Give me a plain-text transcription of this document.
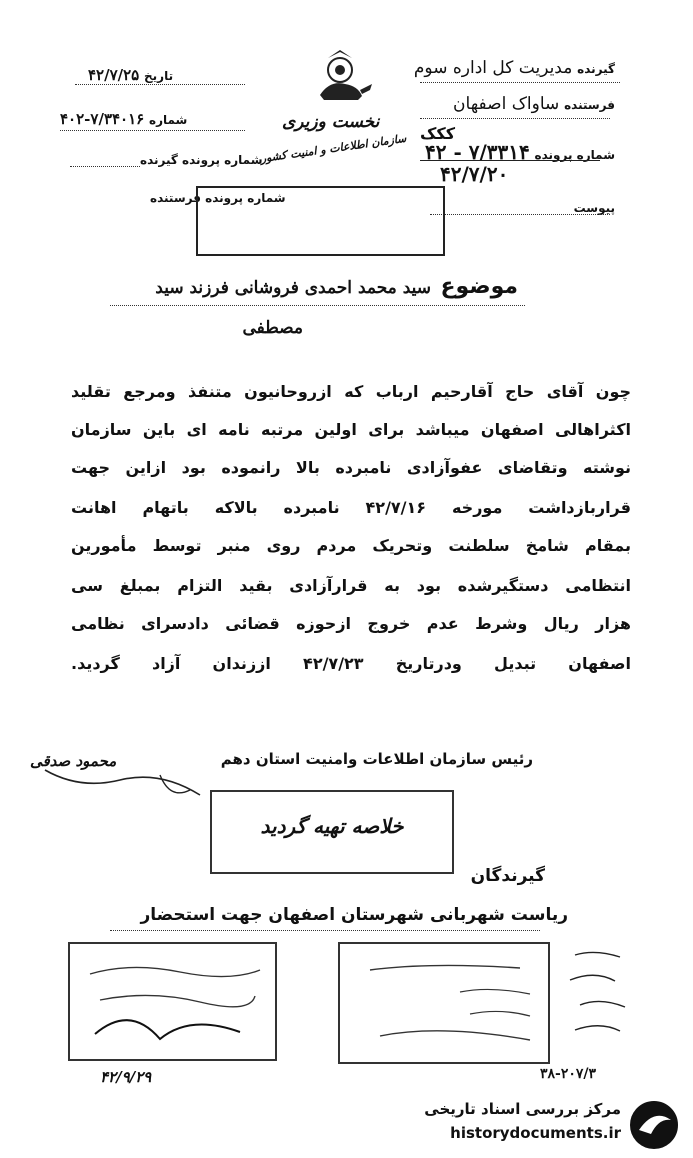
گیرنده مدیریت کل اداره سوم
فرستنده ساواک اصفهان
ککک
شماره پرونده ۷/۳۳۱۴ - ۴۲
۴۲/۷/۲۰
پیوست
نخست وزیری
سازمان اطلاعات و امنیت کشور
تاریخ ۴۲/۷/۲۵
شماره ۷/۳۴۰۱۶-۴۰۲
شماره پرونده گیرنده
شماره پرونده فرستنده
موضوع
سید محمد احمدی فروشانی فرزند سید
مصطفی
چون آقای حاج آقارحیم ارباب که ازروحانیون متنفذ ومرجع تقلید
اکثراهالی اصفهان میباشد برای اولین مرتبه نامه ای باین سازمان
نوشته وتقاضای عفوآزادی نامبرده بالا رانموده بود ازاین جهت
قراربازداشت مورخه ۴۲/۷/۱۶ نامبرده بالاکه باتهام اهانت
بمقام شامخ سلطنت وتحریک مردم روی منبر توسط مأمورین
انتظامی دستگیرشده بود به قرارآزادی بقید التزام بمبلغ سی
هزار ریال وشرط عدم خروج ازحوزه قضائی دادسرای نظامی
اصفهان تبدیل ودرتاریخ ۴۲/۷/۲۳ اززندان آزاد گردید.
رئیس سازمان اطلاعات وامنیت استان دهم
محمود صدقی
خلاصه تهیه گردید
گیرندگان
ریاست شهربانی شهرستان اصفهان جهت استحضار
۴۲/۹/۲۹	۳۸-۲۰۷/۳
مرکز بررسی اسناد تاریخی
historydocuments.ir
